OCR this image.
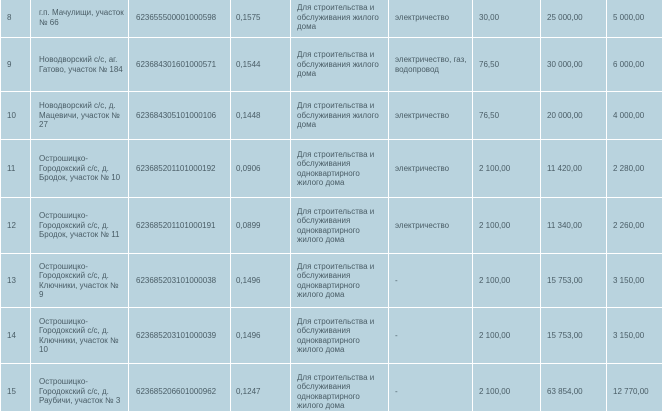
8	г.п. Мачулищи, участок № 66	623655500001000598	0,1575	Для строительства и обслуживания жилого дома	электричество	30,00	25 000,00	5 000,00
9	Новодворский с/с, аг. Гатово, участок № 184	623684301601000571	0,1544	Для строительства и обслуживания жилого дома	электричество, газ, водопровод	76,50	30 000,00	6 000,00
10	Новодворский с/с, д. Мацевичи, участок № 27	623684305101000106	0,1448	Для строительства и обслуживания жилого дома	электричество	76,50	20 000,00	4 000,00
11	Острошицко-Городокский с/с, д. Бродок, участок № 10	623685201101000192	0,0906	Для строительства и обслуживания одноквартирного жилого дома	электричество	2 100,00	11 420,00	2 280,00
12	Острошицко-Городокский с/с, д. Бродок, участок № 11	623685201101000191	0,0899	Для строительства и обслуживания одноквартирного жилого дома	электричество	2 100,00	11 340,00	2 260,00
13	Острошицко-Городокский с/с, д. Ключники, участок № 9	623685203101000038	0,1496	Для строительства и обслуживания одноквартирного жилого дома	-	2 100,00	15 753,00	3 150,00
14	Острошицко-Городокский с/с, д. Ключники, участок № 10	623685203101000039	0,1496	Для строительства и обслуживания одноквартирного жилого дома	-	2 100,00	15 753,00	3 150,00
15	Острошицко-Городокский с/с, д. Раубичи, участок № 3	623685206601000962	0,1247	Для строительства и обслуживания одноквартирного жилого дома	-	2 100,00	63 854,00	12 770,00
